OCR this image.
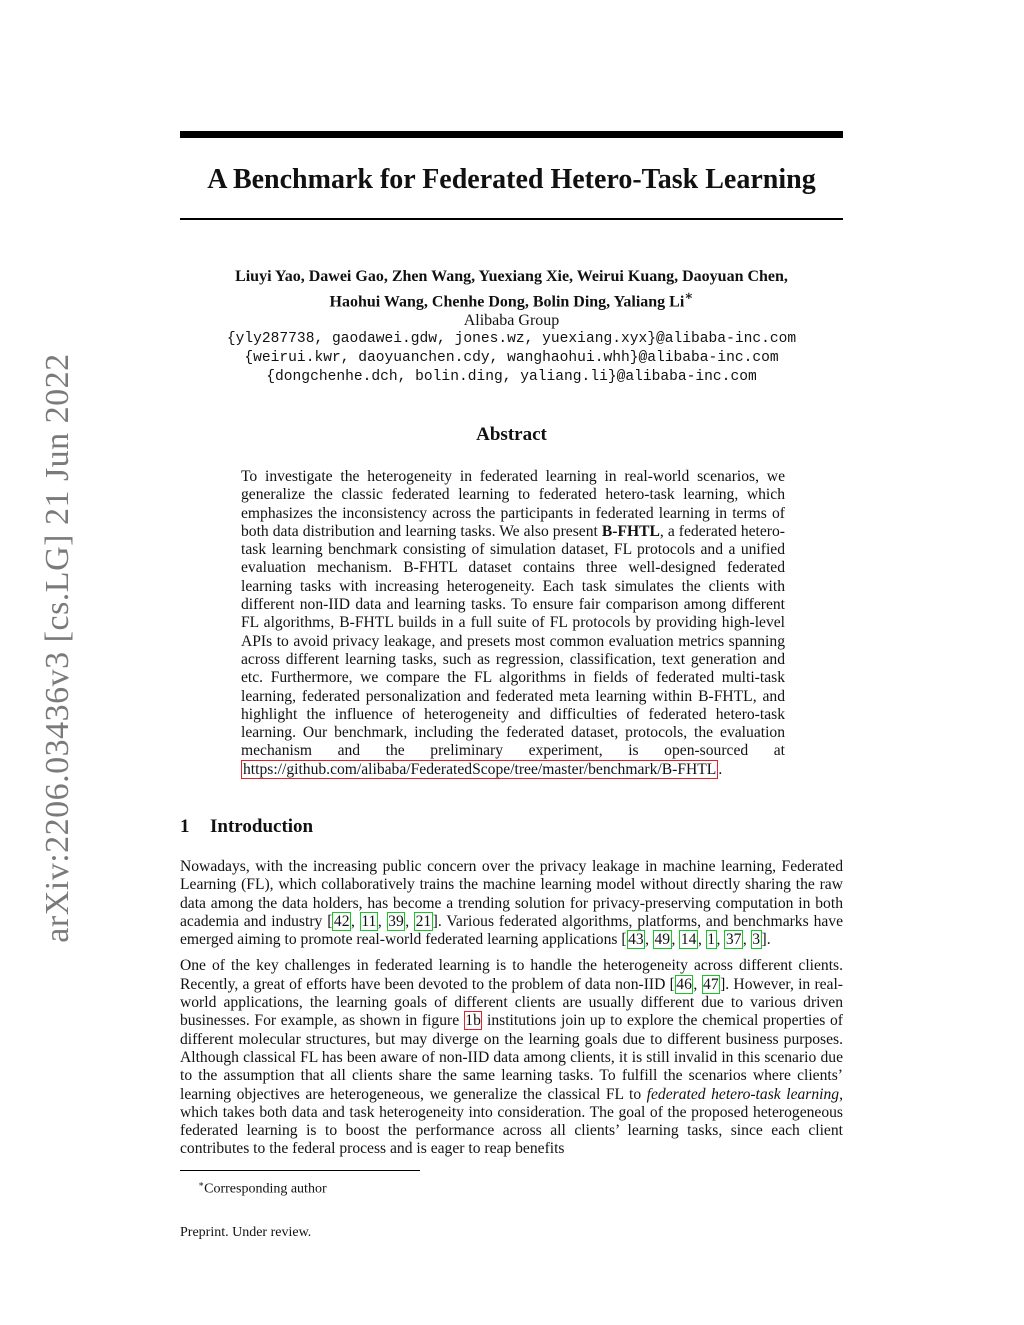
arXiv:2206.03436v3 [cs.LG] 21 Jun 2022
A Benchmark for Federated Hetero-Task Learning
Liuyi Yao, Dawei Gao, Zhen Wang, Yuexiang Xie, Weirui Kuang, Daoyuan Chen,
Haohui Wang, Chenhe Dong, Bolin Ding, Yaliang Li∗
Alibaba Group
{yly287738, gaodawei.gdw, jones.wz, yuexiang.xyx}@alibaba-inc.com
{weirui.kwr, daoyuanchen.cdy, wanghaohui.whh}@alibaba-inc.com
{dongchenhe.dch, bolin.ding, yaliang.li}@alibaba-inc.com
Abstract

To investigate the heterogeneity in federated learning in real-world scenarios, we generalize the classic federated learning to federated hetero-task learning, which emphasizes the inconsistency across the participants in federated learning in terms of both data distribution and learning tasks. We also present B-FHTL, a federated hetero-task learning benchmark consisting of simulation dataset, FL protocols and a unified evaluation mechanism. B-FHTL dataset contains three well-designed federated learning tasks with increasing heterogeneity. Each task simulates the clients with different non-IID data and learning tasks. To ensure fair comparison among different FL algorithms, B-FHTL builds in a full suite of FL protocols by providing high-level APIs to avoid privacy leakage, and presets most common evaluation metrics spanning across different learning tasks, such as regression, classification, text generation and etc. Furthermore, we compare the FL algorithms in fields of federated multi-task learning, federated personalization and federated meta learning within B-FHTL, and highlight the influence of heterogeneity and difficulties of federated hetero-task learning. Our benchmark, including the federated dataset, protocols, the evaluation mechanism and the preliminary experiment, is open-sourced at https://github.com/alibaba/FederatedScope/tree/master/benchmark/B-FHTL .

1 Introduction

Nowadays, with the increasing public concern over the privacy leakage in machine learning, Federated Learning (FL), which collaboratively trains the machine learning model without directly sharing the raw data among the data holders, has become a trending solution for privacy-preserving computation in both academia and industry [42, 11, 39, 21]. Various federated algorithms, platforms, and benchmarks have emerged aiming to promote real-world federated learning applications [43, 49, 14, 1, 37, 3].

One of the key challenges in federated learning is to handle the heterogeneity across different clients. Recently, a great of efforts have been devoted to the problem of data non-IID [46, 47]. However, in real-world applications, the learning goals of different clients are usually different due to various driven businesses. For example, as shown in figure 1b institutions join up to explore the chemical properties of different molecular structures, but may diverge on the learning goals due to different business purposes. Although classical FL has been aware of non-IID data among clients, it is still invalid in this scenario due to the assumption that all clients share the same learning tasks. To fulfill the scenarios where clients’ learning objectives are heterogeneous, we generalize the classical FL to federated hetero-task learning, which takes both data and task heterogeneity into consideration. The goal of the proposed heterogeneous federated learning is to boost the performance across all clients’ learning tasks, since each client contributes to the federal process and is eager to reap benefits

∗Corresponding author
Preprint. Under review.
